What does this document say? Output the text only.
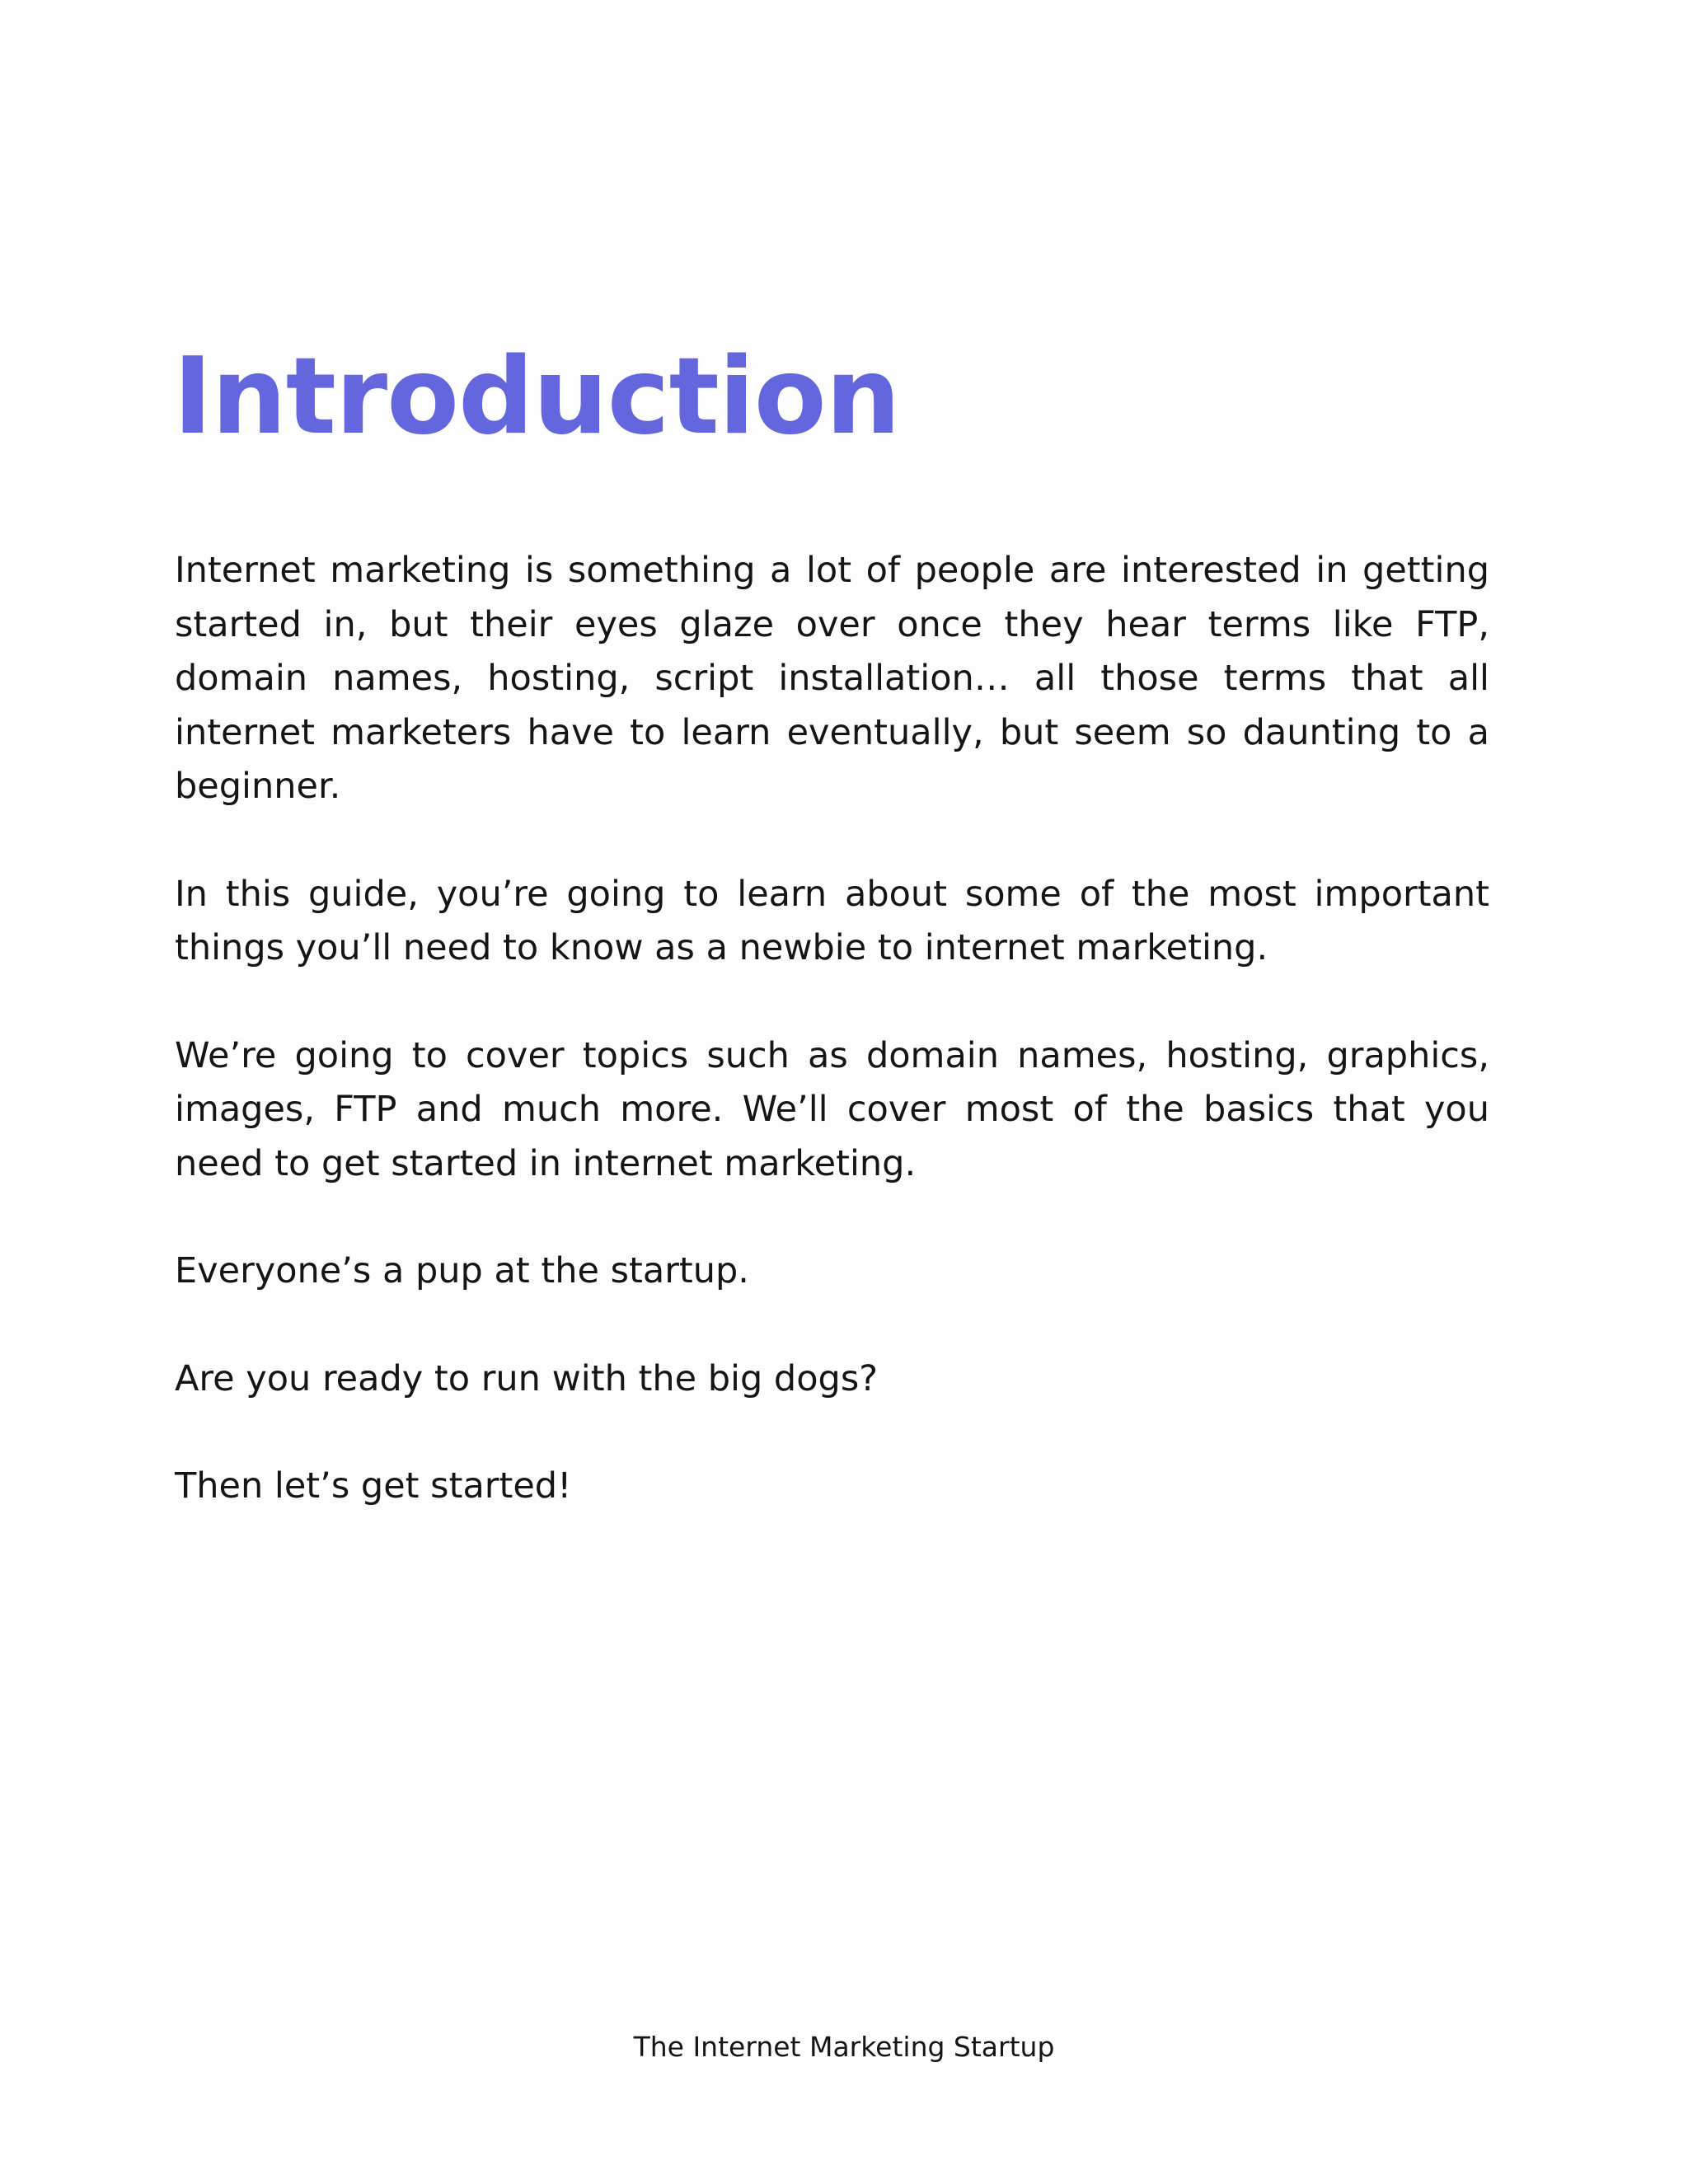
Introduction

Internet marketing is something a lot of people are interested in getting started in, but their eyes glaze over once they hear terms like FTP, domain names, hosting, script installation… all those terms that all internet marketers have to learn eventually, but seem so daunting to a beginner.

In this guide, you’re going to learn about some of the most important things you’ll need to know as a newbie to internet marketing.

We’re going to cover topics such as domain names, hosting, graphics, images, FTP and much more. We’ll cover most of the basics that you need to get started in internet marketing.

Everyone’s a pup at the startup.

Are you ready to run with the big dogs?

Then let’s get started!

The Internet Marketing Startup
